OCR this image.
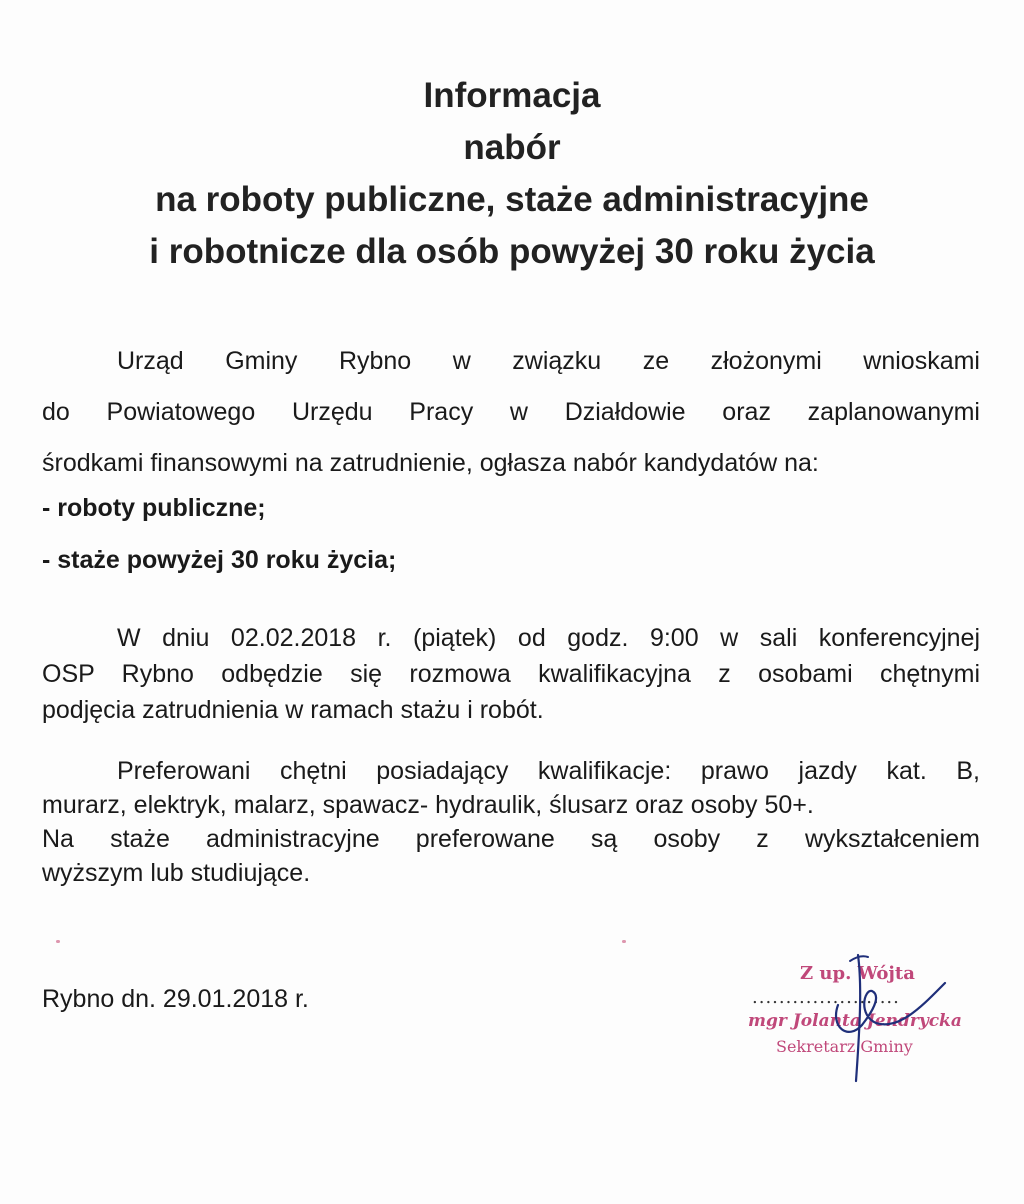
Informacja
nabór
na roboty publiczne, staże administracyjne
i robotnicze dla osób powyżej 30 roku życia
Urząd Gminy Rybno w związku ze złożonymi wnioskami
do Powiatowego Urzędu Pracy w Działdowie oraz zaplanowanymi
środkami finansowymi na zatrudnienie, ogłasza nabór kandydatów na:
- roboty publiczne;
- staże powyżej 30 roku życia;
W dniu 02.02.2018 r. (piątek) od godz. 9:00 w sali konferencyjnej
OSP Rybno odbędzie się rozmowa kwalifikacyjna z osobami chętnymi
podjęcia zatrudnienia w ramach stażu i robót.
Preferowani chętni posiadający kwalifikacje: prawo jazdy kat. B,
murarz, elektryk, malarz, spawacz- hydraulik, ślusarz oraz osoby 50+.
Na staże administracyjne preferowane są osoby z wykształceniem
wyższym lub studiujące.
Rybno dn. 29.01.2018 r.
Z up. Wójta
......................
mgr Jolanta Jendrycka
Sekretarz Gminy
